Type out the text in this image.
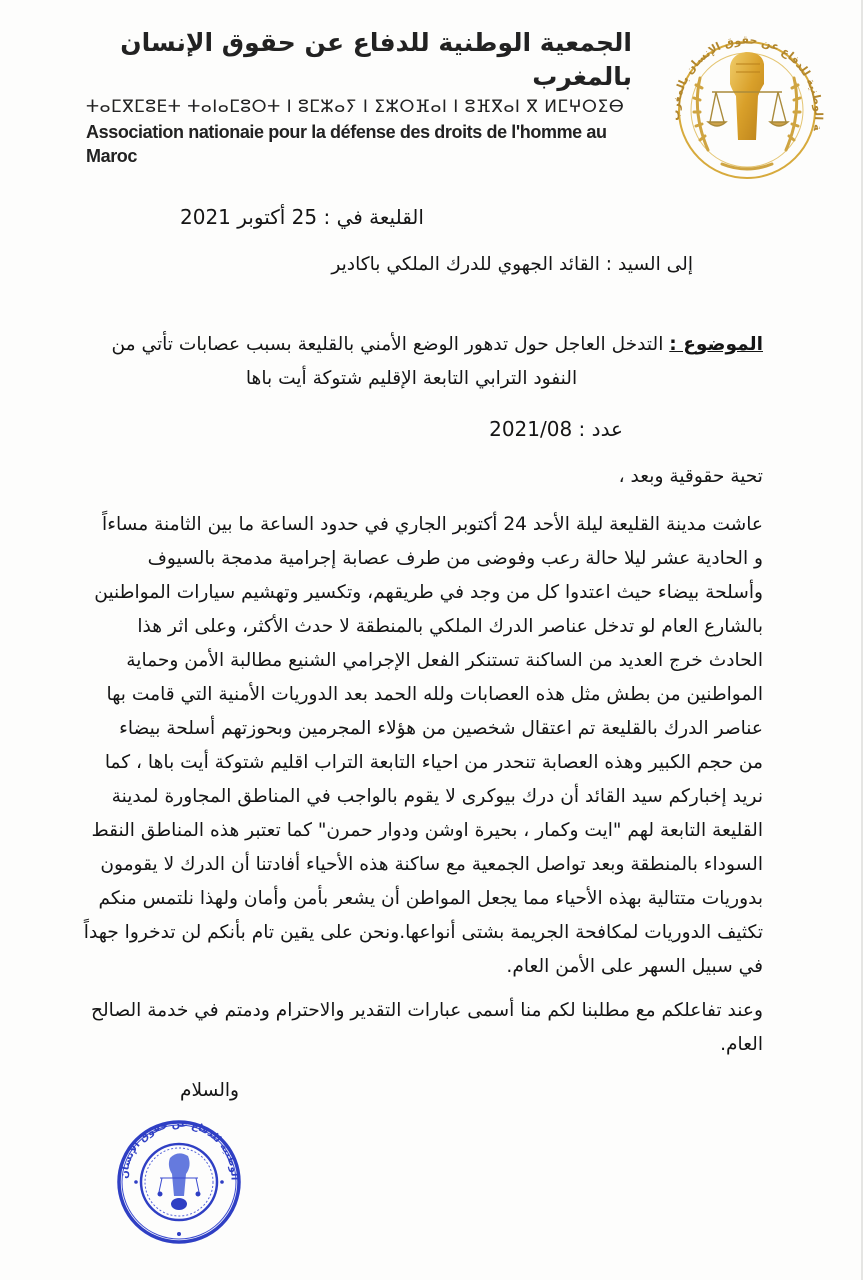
الجمعية الوطنية للدفاع عن حقوق الإنسان بالمغرب
ⵜⴰⵎⴳⵎⵓⴹⵜ ⵜⴰⵏⴰⵎⵓⵔⵜ ⵏ ⵓⵎⵣⴰⵢ ⵏ ⵉⵣⵔⴼⴰⵏ ⵏ ⵓⴼⴳⴰⵏ ⴳ ⵍⵎⵖⵔⵉⴱ
Association nationaie pour la défense des droits de l'homme au Maroc
ة الوطنية للدفاع عن حقوق الإنسان بالمغرب
القليعة في : 25 أكتوبر 2021
إلى السيد : القائد الجهوي للدرك الملكي باكادير
الموضوع : التدخل العاجل حول تدهور الوضع الأمني بالقليعة بسبب عصابات تأتي من
النفود الترابي التابعة الإقليم شتوكة أيت باها
عدد : 2021/08
تحية حقوقية وبعد ،
عاشت مدينة القليعة ليلة الأحد 24 أكتوبر الجاري في حدود الساعة ما بين الثامنة مساءاً
و الحادية عشر ليلا حالة رعب وفوضى من طرف عصابة إجرامية مدمجة بالسيوف
وأسلحة بيضاء حيث اعتدوا كل من وجد في طريقهم، وتكسير وتهشيم سيارات المواطنين
بالشارع العام لو تدخل عناصر الدرك الملكي بالمنطقة لا حدث الأكثر، وعلى اثر هذا
الحادث خرج العديد من الساكنة تستنكر الفعل الإجرامي الشنيع مطالبة الأمن وحماية
المواطنين من بطش مثل هذه العصابات ولله الحمد بعد الدوريات الأمنية التي قامت بها
عناصر الدرك بالقليعة تم اعتقال شخصين من هؤلاء المجرمين وبحوزتهم أسلحة بيضاء
من حجم الكبير وهذه العصابة تنحدر من احياء التابعة التراب اقليم شتوكة أيت باها ، كما
نريد إخباركم سيد القائد أن درك بيوكرى لا يقوم بالواجب في المناطق المجاورة لمدينة
القليعة التابعة لهم "ايت وكمار ، بحيرة اوشن ودوار حمرن" كما تعتبر هذه المناطق النقط
السوداء بالمنطقة وبعد تواصل الجمعية مع ساكنة هذه الأحياء أفادتنا أن الدرك لا يقومون
بدوريات متتالية بهذه الأحياء مما يجعل المواطن أن يشعر بأمن وأمان ولهذا نلتمس منكم
تكثيف الدوريات لمكافحة الجريمة بشتى أنواعها.ونحن على يقين تام بأنكم لن تدخروا جهداً
في سبيل السهر على الأمن العام.
وعند تفاعلكم مع مطلبنا لكم منا أسمى عبارات التقدير والاحترام ودمتم في خدمة الصالح
العام.
والسلام
الوطنية للدفاع عن حقوق الإنسان
